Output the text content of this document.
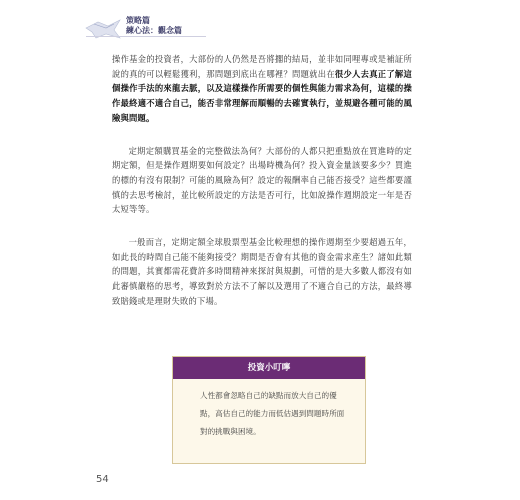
策略篇
練心法：觀念篇

操作基金的投資者，大部份的人仍然是吾將擱的結局，並非如同哩專或是補証所說的真的可以輕鬆獲利，那問題到底出在哪裡？問題就出在很少人去真正了解這個操作手法的來龍去脈，以及這樣操作所需要的個性與能力需求為何，這樣的操作最終適不適合自己，能否非常理解而順暢的去確實執行，並規避各種可能的風險與問題。

定期定額購買基金的完整做法為何？大部份的人都只把重點放在買進時的定期定額，但是操作週期要如何設定？出場時機為何？投入資金量該要多少？買進的標的有沒有限制？可能的風險為何？設定的報酬率自己能否接受？這些都要謹慎的去思考檢討，並比較所設定的方法是否可行，比如說操作週期設定一年是否太短等等。

一般而言，定期定額全球股票型基金比較理想的操作週期至少要超過五年，如此長的時間自己能不能夠接受？期間是否會有其他的資金需求產生？諸如此類的問題，其實都需花費許多時間精神來探討與規劃，可惜的是大多數人都沒有如此審慎嚴格的思考，導致對於方法不了解以及選用了不適合自己的方法，最終導致賠錢或是理財失敗的下場。

投資小叮嚀
人性都會忽略自己的缺點而放大自己的優點，高估自己的能力而低估遇到問題時所面對的挑戰與困境。
54
